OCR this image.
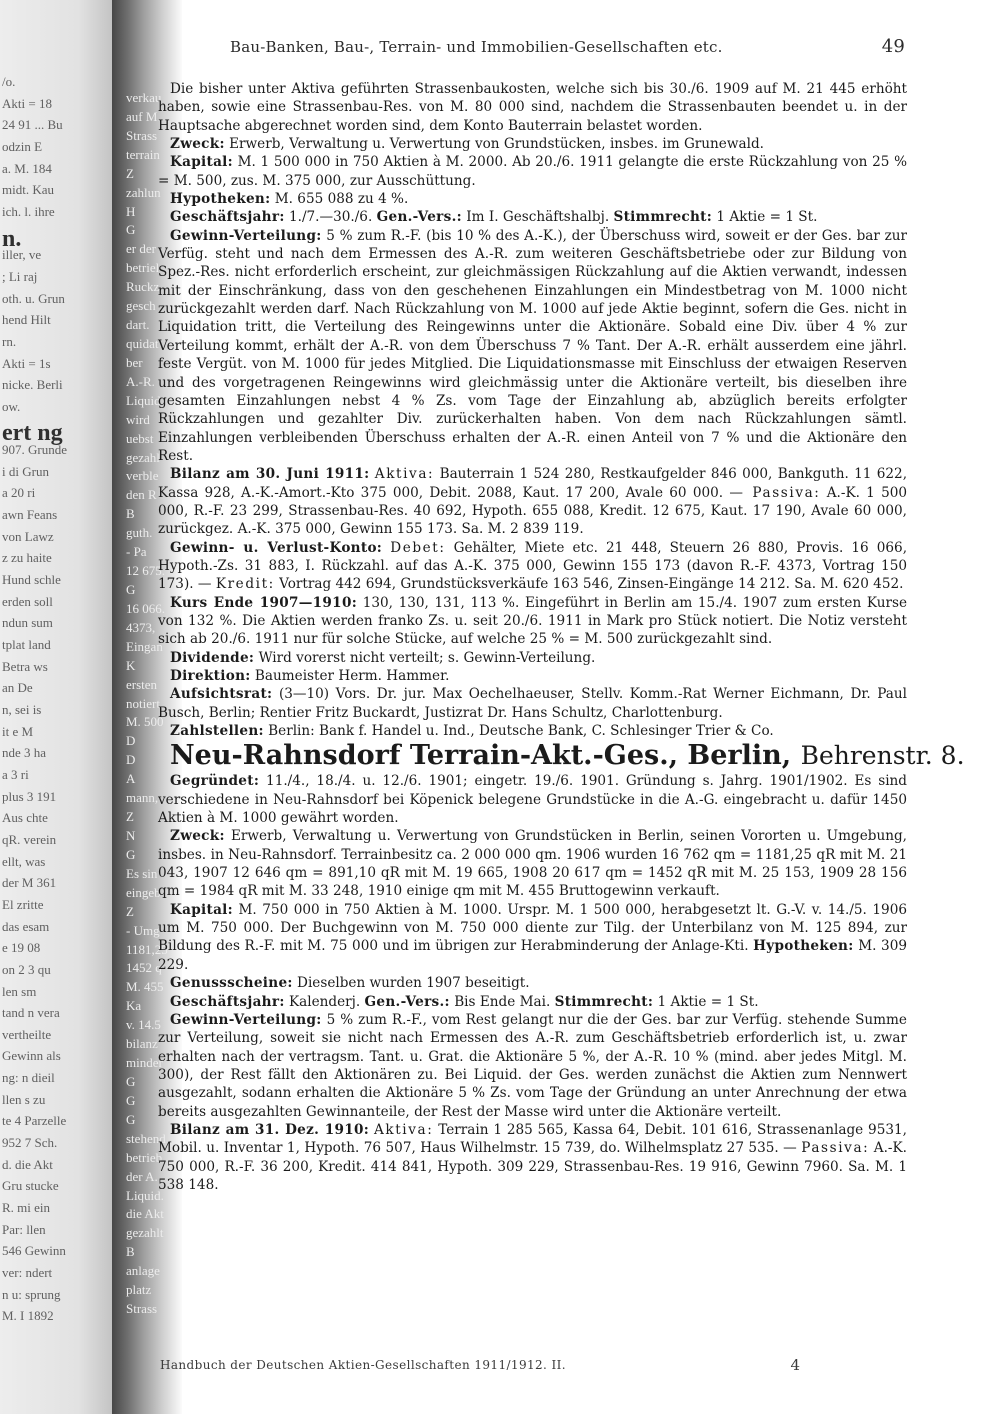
/o.
Akti = 18
24 91 ... Bu
odzin E
a. M. 184
midt. Kau
ich. l. ihre
n.
iller, ve
; Li raj
oth. u. Grun
hend Hilt
rn.
Akti = 1s
nicke. Berli
ow.
ert ng
907. Grunde
i di Grun
a 20 ri
awn Feans
von Lawz
z zu haite
Hund schle
erden soll
ndun sum
tplat land
Betra ws
an De
n, sei is
it e M
nde 3 ha
a 3 ri
plus 3 191
Aus chte
qR. verein
ellt, was
der M 361
El zritte
das esam
e 19 08
on 2 3 qu
len sm
tand n vera
vertheilte
Gewinn als
ng: n dieil
llen s zu
te 4 Parzelle
952 7 Sch.
d. die Akt
Gru stucke
R. mi ein
Par: llen
546 Gewinn
ver: ndert
n u: sprung
M. I 1892
verkau
auf M.
Strass
terrain
Z
zahlun
H
G
er der
betriel
Ruckz
gesch
dart.
quidat
ber
A.-R.
Liquid
wird
uebst
gezahl
verble
den R
B
guth.
- Pa
12 675.
G
16 066.
4373,
Eingan
K
ersten
notiert.
M. 500
D
D
A
mann,
Z
N
G
Es sin
eingeb
Z
- Umg
1181,25
1452 q
M. 455
Ka
v. 14.5
bilanz
minder
G
G
G
stehend
betrieb
der A.
Liquid.
die Akt
gezahlt
B
anlage
platz
Strass
Bau-Banken, Bau-, Terrain- und Immobilien-Gesellschaften etc.	49

Die bisher unter Aktiva geführten Strassenbaukosten, welche sich bis 30./6. 1909 auf M. 21 445 erhöht haben, sowie eine Strassenbau-Res. von M. 80 000 sind, nachdem die Strassenbauten beendet u. in der Hauptsache abgerechnet worden sind, dem Konto Bauterrain belastet worden.

Zweck: Erwerb, Verwaltung u. Verwertung von Grundstücken, insbes. im Grunewald.

Kapital: M. 1 500 000 in 750 Aktien à M. 2000. Ab 20./6. 1911 gelangte die erste Rückzahlung von 25 % = M. 500, zus. M. 375 000, zur Ausschüttung.

Hypotheken: M. 655 088 zu 4 %.

Geschäftsjahr: 1./7.—30./6. Gen.-Vers.: Im I. Geschäftshalbj. Stimmrecht: 1 Aktie = 1 St.

Gewinn-Verteilung: 5 % zum R.-F. (bis 10 % des A.-K.), der Überschuss wird, soweit er der Ges. bar zur Verfüg. steht und nach dem Ermessen des A.-R. zum weiteren Geschäftsbetriebe oder zur Bildung von Spez.-Res. nicht erforderlich erscheint, zur gleichmässigen Rückzahlung auf die Aktien verwandt, indessen mit der Einschränkung, dass von den geschehenen Einzahlungen ein Mindestbetrag von M. 1000 nicht zurückgezahlt werden darf. Nach Rückzahlung von M. 1000 auf jede Aktie beginnt, sofern die Ges. nicht in Liquidation tritt, die Verteilung des Reingewinns unter die Aktionäre. Sobald eine Div. über 4 % zur Verteilung kommt, erhält der A.-R. von dem Überschuss 7 % Tant. Der A.-R. erhält ausserdem eine jährl. feste Vergüt. von M. 1000 für jedes Mitglied. Die Liquidationsmasse mit Einschluss der etwaigen Reserven und des vorgetragenen Reingewinns wird gleichmässig unter die Aktionäre verteilt, bis dieselben ihre gesamten Einzahlungen nebst 4 % Zs. vom Tage der Einzahlung ab, abzüglich bereits erfolgter Rückzahlungen und gezahlter Div. zurückerhalten haben. Von dem nach Rückzahlungen sämtl. Einzahlungen verbleibenden Überschuss erhalten der A.-R. einen Anteil von 7 % und die Aktionäre den Rest.

Bilanz am 30. Juni 1911: Aktiva: Bauterrain 1 524 280, Restkaufgelder 846 000, Bankguth. 11 622, Kassa 928, A.-K.-Amort.-Kto 375 000, Debit. 2088, Kaut. 17 200, Avale 60 000. — Passiva: A.-K. 1 500 000, R.-F. 23 299, Strassenbau-Res. 40 692, Hypoth. 655 088, Kredit. 12 675, Kaut. 17 190, Avale 60 000, zurückgez. A.-K. 375 000, Gewinn 155 173. Sa. M. 2 839 119.

Gewinn- u. Verlust-Konto: Debet: Gehälter, Miete etc. 21 448, Steuern 26 880, Provis. 16 066, Hypoth.-Zs. 31 883, I. Rückzahl. auf das A.-K. 375 000, Gewinn 155 173 (davon R.-F. 4373, Vortrag 150 173). — Kredit: Vortrag 442 694, Grundstücksverkäufe 163 546, Zinsen-Eingänge 14 212. Sa. M. 620 452.

Kurs Ende 1907—1910: 130, 130, 131, 113 %. Eingeführt in Berlin am 15./4. 1907 zum ersten Kurse von 132 %. Die Aktien werden franko Zs. u. seit 20./6. 1911 in Mark pro Stück notiert. Die Notiz versteht sich ab 20./6. 1911 nur für solche Stücke, auf welche 25 % = M. 500 zurückgezahlt sind.

Dividende: Wird vorerst nicht verteilt; s. Gewinn-Verteilung.

Direktion: Baumeister Herm. Hammer.

Aufsichtsrat: (3—10) Vors. Dr. jur. Max Oechelhaeuser, Stellv. Komm.-Rat Werner Eichmann, Dr. Paul Busch, Berlin; Rentier Fritz Buckardt, Justizrat Dr. Hans Schultz, Charlottenburg.

Zahlstellen: Berlin: Bank f. Handel u. Ind., Deutsche Bank, C. Schlesinger Trier & Co.

Neu-Rahnsdorf Terrain-Akt.-Ges., Berlin, Behrenstr. 8.

Gegründet: 11./4., 18./4. u. 12./6. 1901; eingetr. 19./6. 1901. Gründung s. Jahrg. 1901/1902. Es sind verschiedene in Neu-Rahnsdorf bei Köpenick belegene Grundstücke in die A.-G. eingebracht u. dafür 1450 Aktien à M. 1000 gewährt worden.

Zweck: Erwerb, Verwaltung u. Verwertung von Grundstücken in Berlin, seinen Vororten u. Umgebung, insbes. in Neu-Rahnsdorf. Terrainbesitz ca. 2 000 000 qm. 1906 wurden 16 762 qm = 1181,25 qR mit M. 21 043, 1907 12 646 qm = 891,10 qR mit M. 19 665, 1908 20 617 qm = 1452 qR mit M. 25 153, 1909 28 156 qm = 1984 qR mit M. 33 248, 1910 einige qm mit M. 455 Bruttogewinn verkauft.

Kapital: M. 750 000 in 750 Aktien à M. 1000. Urspr. M. 1 500 000, herabgesetzt lt. G.-V. v. 14./5. 1906 um M. 750 000. Der Buchgewinn von M. 750 000 diente zur Tilg. der Unterbilanz von M. 125 894, zur Bildung des R.-F. mit M. 75 000 und im übrigen zur Herabminderung der Anlage-Kti. Hypotheken: M. 309 229.

Genussscheine: Dieselben wurden 1907 beseitigt.

Geschäftsjahr: Kalenderj. Gen.-Vers.: Bis Ende Mai. Stimmrecht: 1 Aktie = 1 St.

Gewinn-Verteilung: 5 % zum R.-F., vom Rest gelangt nur die der Ges. bar zur Verfüg. stehende Summe zur Verteilung, soweit sie nicht nach Ermessen des A.-R. zum Geschäftsbetrieb erforderlich ist, u. zwar erhalten nach der vertragsm. Tant. u. Grat. die Aktionäre 5 %, der A.-R. 10 % (mind. aber jedes Mitgl. M. 300), der Rest fällt den Aktionären zu. Bei Liquid. der Ges. werden zunächst die Aktien zum Nennwert ausgezahlt, sodann erhalten die Aktionäre 5 % Zs. vom Tage der Gründung an unter Anrechnung der etwa bereits ausgezahlten Gewinnanteile, der Rest der Masse wird unter die Aktionäre verteilt.

Bilanz am 31. Dez. 1910: Aktiva: Terrain 1 285 565, Kassa 64, Debit. 101 616, Strassenanlage 9531, Mobil. u. Inventar 1, Hypoth. 76 507, Haus Wilhelmstr. 15 739, do. Wilhelmsplatz 27 535. — Passiva: A.-K. 750 000, R.-F. 36 200, Kredit. 414 841, Hypoth. 309 229, Strassenbau-Res. 19 916, Gewinn 7960. Sa. M. 1 538 148.

Handbuch der Deutschen Aktien-Gesellschaften 1911/1912. II.	4
